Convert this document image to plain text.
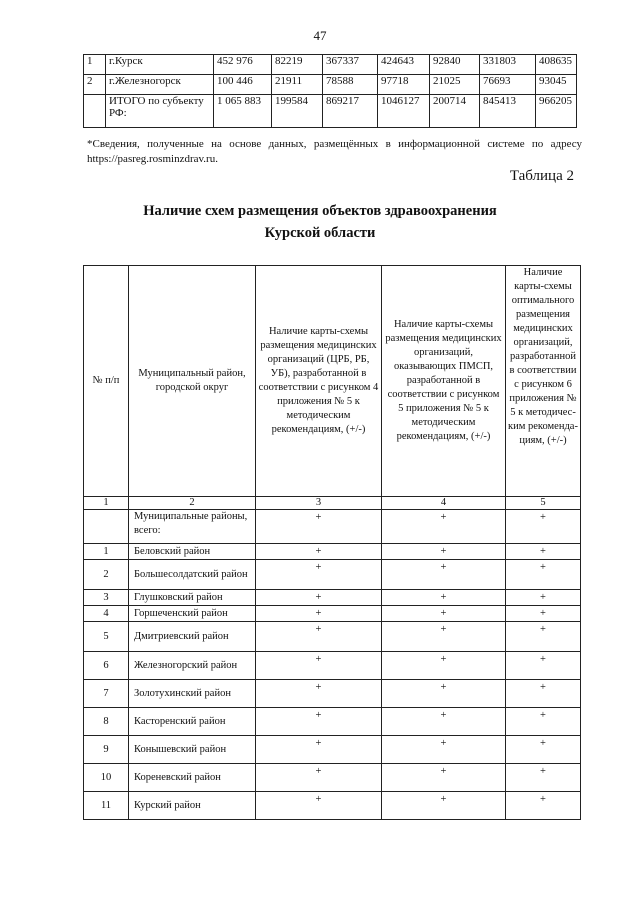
47
1	г.Курск	452 976	82219	367337	424643	92840	331803	408635
2	г.Железногорск	100 446	21911	78588	97718	21025	76693	93045
	ИТОГО по субъекту РФ:	1 065 883	199584	869217	1046127	200714	845413	966205
*Сведения, полученные на основе данных, размещённых в информационной системе по адресу https://pasreg.rosminzdrav.ru.
Таблица 2
Наличие схем размещения объектов здравоохранения
Курской области
№ п/п	Муниципальный район, городской округ	Наличие карты-схемы размещения медицинских организаций (ЦРБ, РБ, УБ), разработанной в соответствии с рисунком 4 приложения № 5 к методическим рекомендациям, (+/-)	Наличие карты-схемы размещения медицинских организаций, оказывающих ПМСП, разработанной в соответствии с рисунком 5 приложения № 5 к методическим рекомендациям, (+/-)	Наличие карты-схемы оптимального размещения медицинских организаций, разработанной в соответствии с рисунком 6 приложения № 5 к методичес-ким рекоменда-циям, (+/-)
1	2	3	4	5
	Муниципальные районы, всего:	+	+	+
1	Беловский район	+	+	+
2	Большесолдатский район	+	+	+
3	Глушковский район	+	+	+
4	Горшеченский район	+	+	+
5	Дмитриевский район	+	+	+
6	Железногорский район	+	+	+
7	Золотухинский район	+	+	+
8	Касторенский район	+	+	+
9	Конышевский район	+	+	+
10	Кореневский район	+	+	+
11	Курский район	+	+	+
